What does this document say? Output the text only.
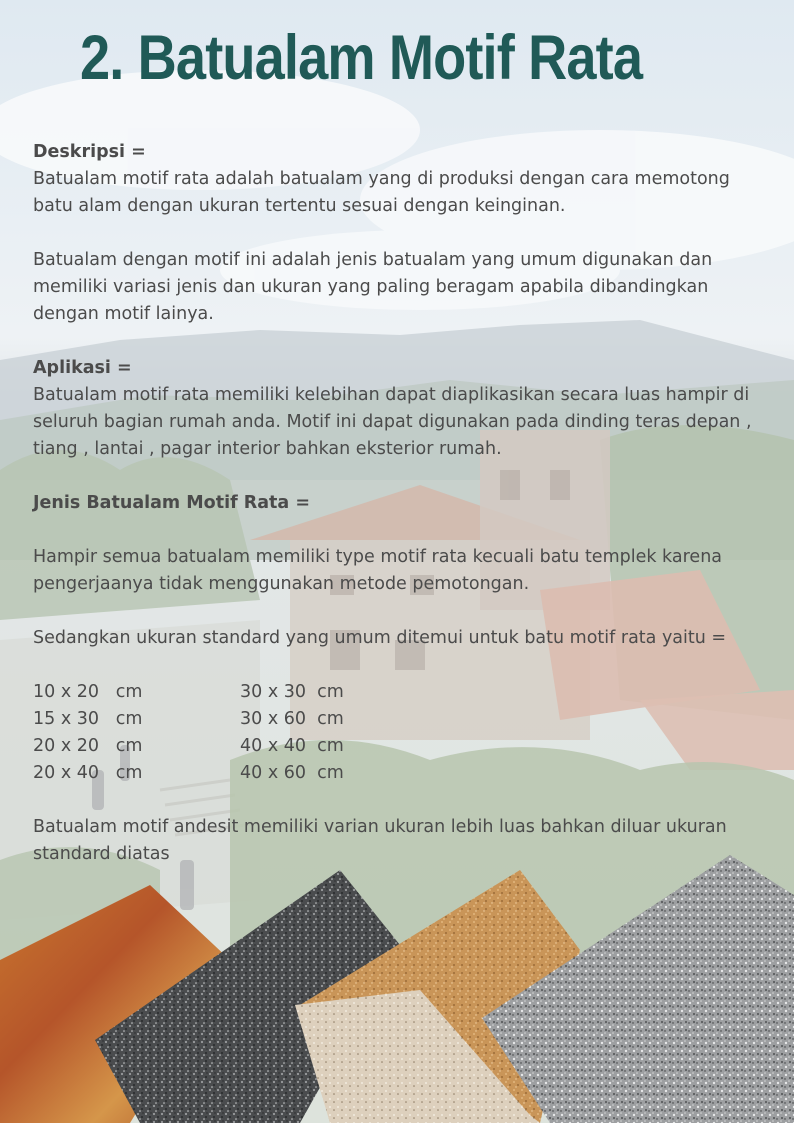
2. Batualam Motif Rata

Deskripsi =

Batualam motif rata adalah batualam yang di produksi dengan cara memotong batu alam dengan ukuran tertentu sesuai dengan keinginan.

Batualam dengan motif ini adalah jenis batualam yang umum digunakan dan memiliki variasi jenis dan ukuran yang paling beragam apabila dibandingkan dengan motif lainya.

Aplikasi =

Batualam motif rata memiliki kelebihan dapat diaplikasikan secara luas hampir di seluruh bagian rumah anda. Motif ini dapat digunakan pada dinding teras depan , tiang , lantai , pagar interior bahkan eksterior rumah.

Jenis Batualam Motif Rata =

Hampir semua batualam memiliki type motif rata kecuali batu templek karena pengerjaanya tidak menggunakan metode pemotongan.

Sedangkan ukuran standard yang umum ditemui untuk batu motif rata yaitu =

10 x 20   cm	30 x 30  cm
15 x 30   cm	30 x 60  cm
20 x 20   cm	40 x 40  cm
20 x 40   cm	40 x 60  cm

Batualam motif andesit memiliki varian ukuran lebih luas bahkan diluar ukuran standard diatas
